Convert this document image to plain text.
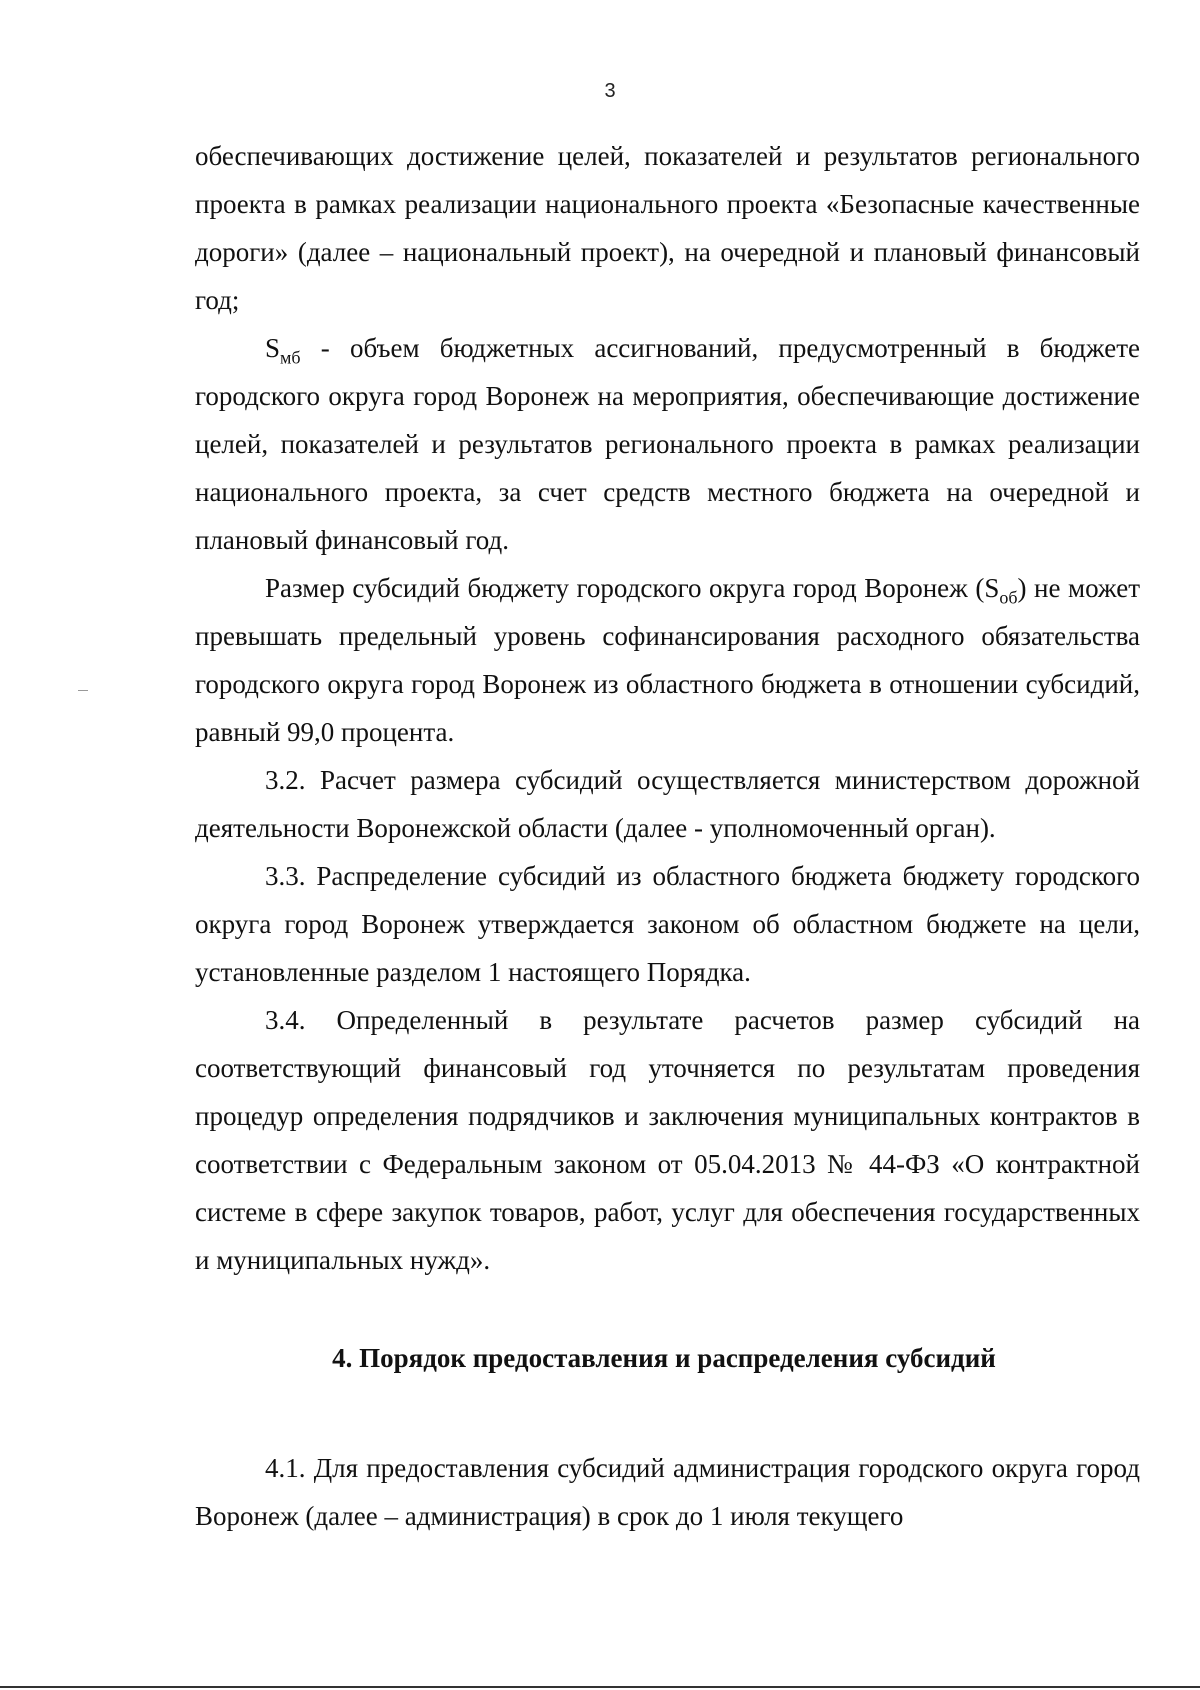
3

обеспечивающих достижение целей, показателей и результатов регионального проекта в рамках реализации национального проекта «Безопасные качественные дороги» (далее – национальный проект), на очередной и плановый финансовый год;

$S_{мб}$ - объем бюджетных ассигнований, предусмотренный в бюджете городского округа город Воронеж на мероприятия, обеспечивающие достижение целей, показателей и результатов регионального проекта в рамках реализации национального проекта, за счет средств местного бюджета на очередной и плановый финансовый год.

Размер субсидий бюджету городского округа город Воронеж $(S_{об})$ не может превышать предельный уровень софинансирования расходного обязательства городского округа город Воронеж из областного бюджета в отношении субсидий, равный 99,0 процента.

3.2. Расчет размера субсидий осуществляется министерством дорожной деятельности Воронежской области (далее - уполномоченный орган).

3.3. Распределение субсидий из областного бюджета бюджету городского округа город Воронеж утверждается законом об областном бюджете на цели, установленные разделом 1 настоящего Порядка.

3.4. Определенный в результате расчетов размер субсидий на соответствующий финансовый год уточняется по результатам проведения процедур определения подрядчиков и заключения муниципальных контрактов в соответствии с Федеральным законом от 05.04.2013 № 44-ФЗ «О контрактной системе в сфере закупок товаров, работ, услуг для обеспечения государственных и муниципальных нужд».

4. Порядок предоставления и распределения субсидий

4.1. Для предоставления субсидий администрация городского округа город Воронеж (далее – администрация) в срок до 1 июля текущего
